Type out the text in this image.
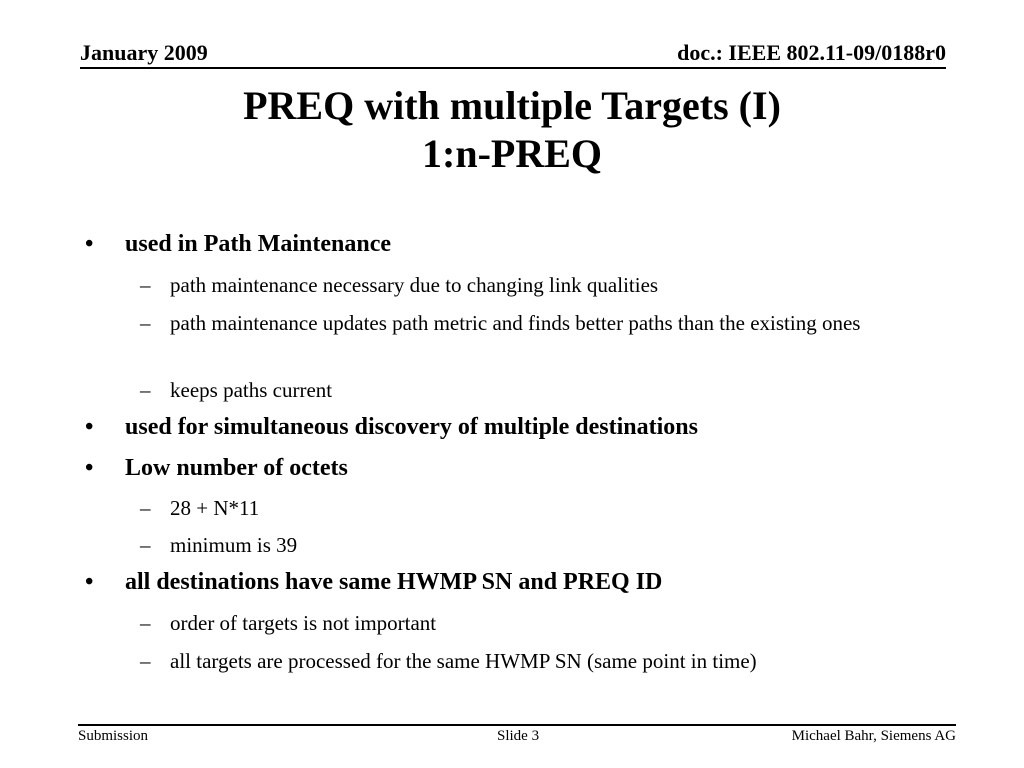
January 2009	doc.: IEEE 802.11-09/0188r0
PREQ with multiple Targets (I)
1:n-PREQ
• used in Path Maintenance
– path maintenance necessary due to changing link qualities
– path maintenance updates path metric and finds better paths than the existing ones
– keeps paths current
• used for simultaneous discovery of multiple destinations
• Low number of octets
– 28 + N*11
– minimum is 39
• all destinations have same HWMP SN and PREQ ID
– order of targets is not important
– all targets are processed for the same HWMP SN (same point in time)
Submission	Slide 3	Michael Bahr, Siemens AG
